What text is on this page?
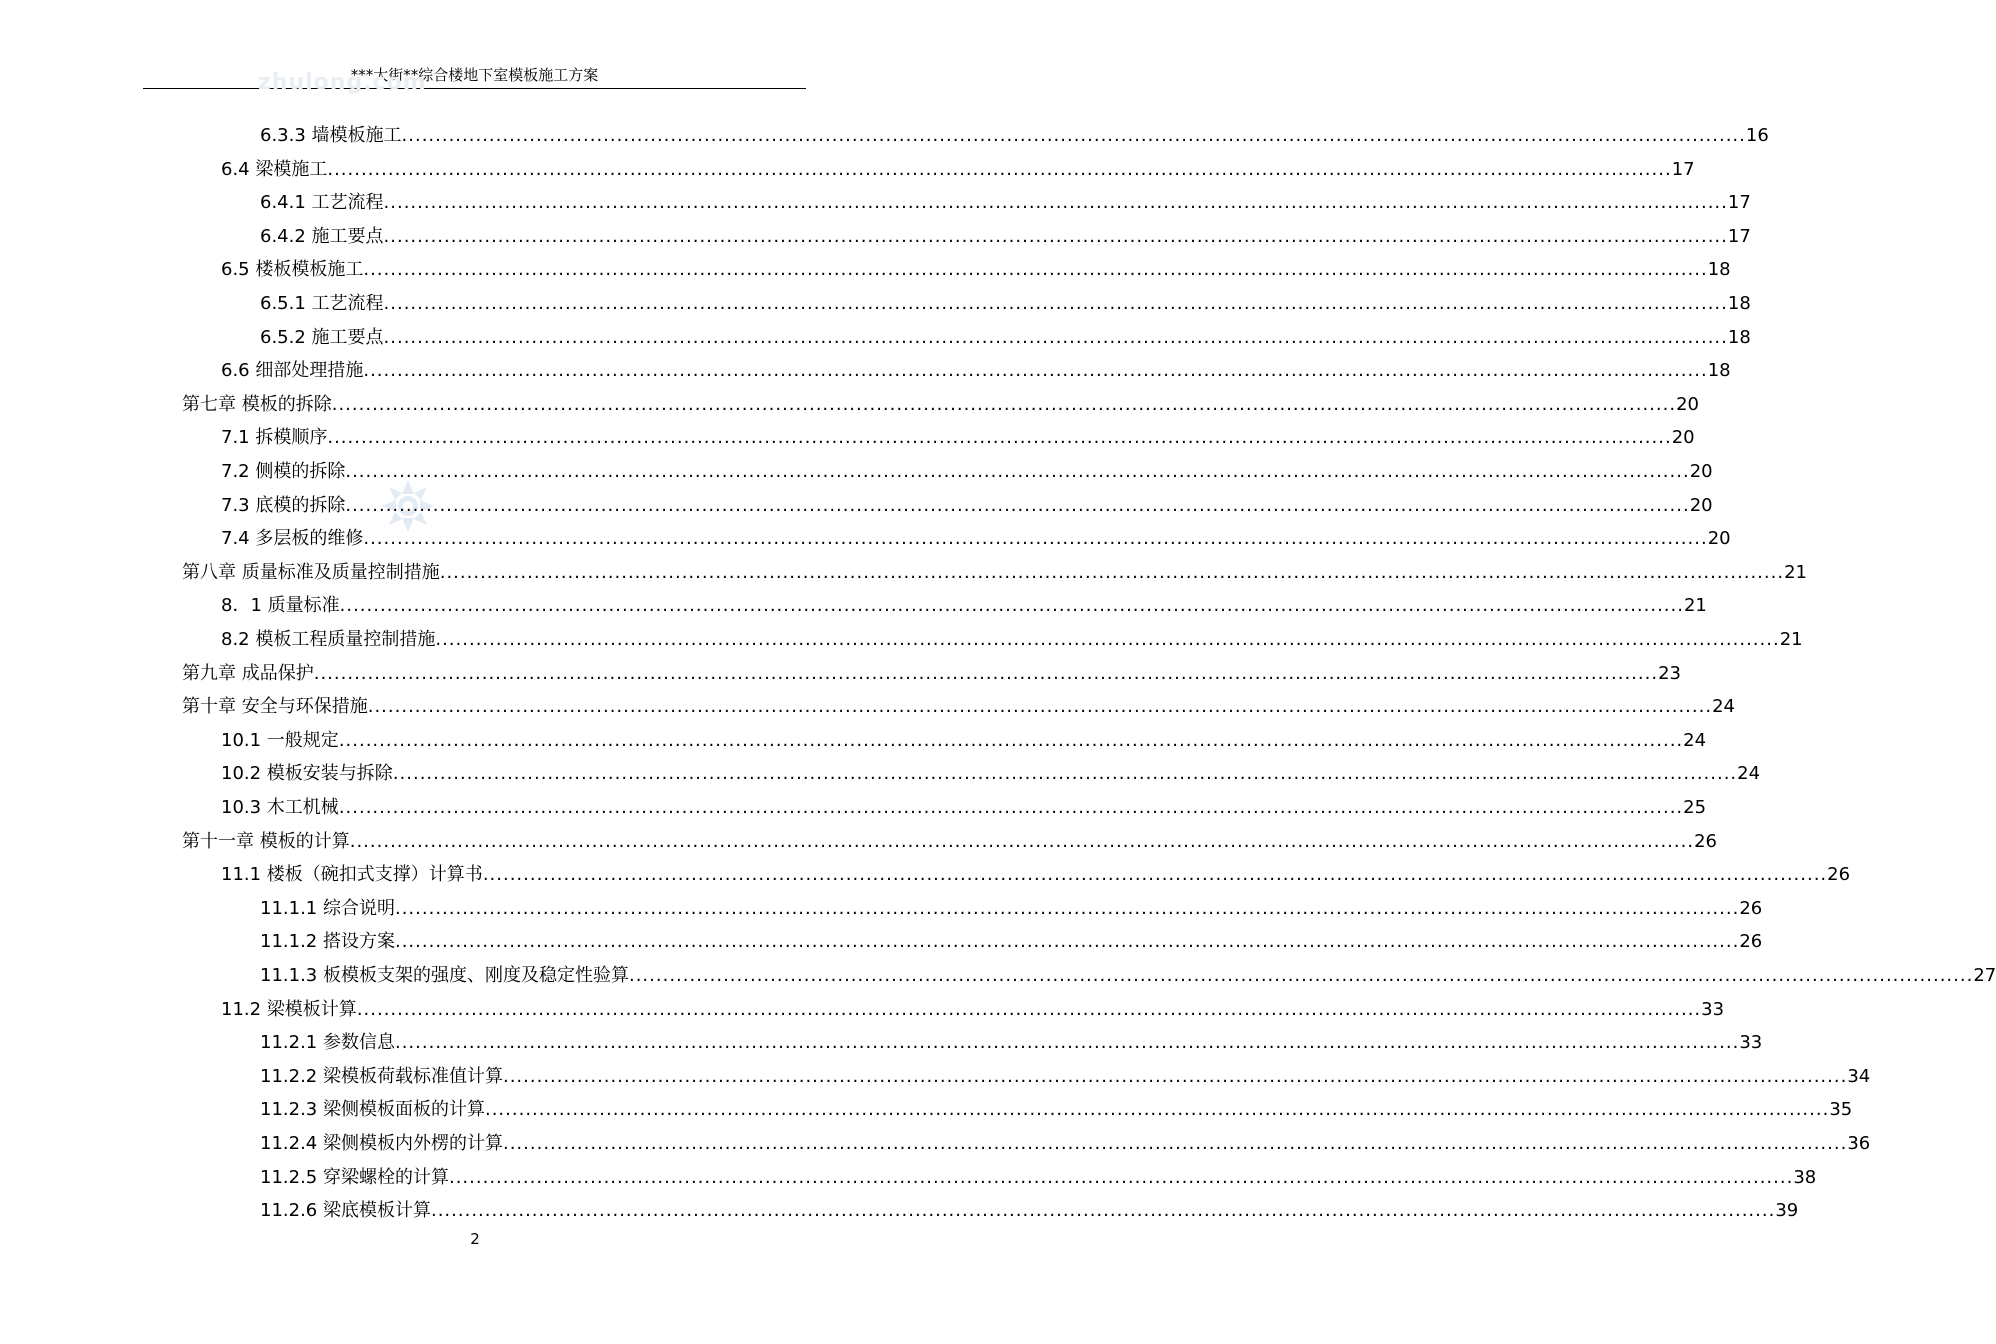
***大街**综合楼地下室模板施工方案
zhulong.com
6.3.3 墙模板施工 ........................................................................................................................................................................................................ 16
6.4 梁模施工 ........................................................................................................................................................................................................ 17
6.4.1 工艺流程 ........................................................................................................................................................................................................ 17
6.4.2 施工要点 ........................................................................................................................................................................................................ 17
6.5 楼板模板施工 ........................................................................................................................................................................................................ 18
6.5.1 工艺流程 ........................................................................................................................................................................................................ 18
6.5.2 施工要点 ........................................................................................................................................................................................................ 18
6.6 细部处理措施 ........................................................................................................................................................................................................ 18
第七章 模板的拆除 ........................................................................................................................................................................................................ 20
7.1 拆模顺序 ........................................................................................................................................................................................................ 20
7.2 侧模的拆除 ........................................................................................................................................................................................................ 20
7.3 底模的拆除 ........................................................................................................................................................................................................ 20
7.4 多层板的维修 ........................................................................................................................................................................................................ 20
第八章 质量标准及质量控制措施 ........................................................................................................................................................................................................ 21
8．1 质量标准 ........................................................................................................................................................................................................ 21
8.2 模板工程质量控制措施 ........................................................................................................................................................................................................ 21
第九章 成品保护 ........................................................................................................................................................................................................ 23
第十章 安全与环保措施 ........................................................................................................................................................................................................ 24
10.1 一般规定 ........................................................................................................................................................................................................ 24
10.2 模板安装与拆除 ........................................................................................................................................................................................................ 24
10.3 木工机械 ........................................................................................................................................................................................................ 25
第十一章 模板的计算 ........................................................................................................................................................................................................ 26
11.1 楼板（碗扣式支撑）计算书 ........................................................................................................................................................................................................ 26
11.1.1 综合说明 ........................................................................................................................................................................................................ 26
11.1.2 搭设方案 ........................................................................................................................................................................................................ 26
11.1.3 板模板支架的强度、刚度及稳定性验算 ........................................................................................................................................................................................................ 27
11.2 梁模板计算 ........................................................................................................................................................................................................ 33
11.2.1 参数信息 ........................................................................................................................................................................................................ 33
11.2.2 梁模板荷载标准值计算 ........................................................................................................................................................................................................ 34
11.2.3 梁侧模板面板的计算 ........................................................................................................................................................................................................ 35
11.2.4 梁侧模板内外楞的计算 ........................................................................................................................................................................................................ 36
11.2.5 穿梁螺栓的计算 ........................................................................................................................................................................................................ 38
11.2.6 梁底模板计算 ........................................................................................................................................................................................................ 39
2
